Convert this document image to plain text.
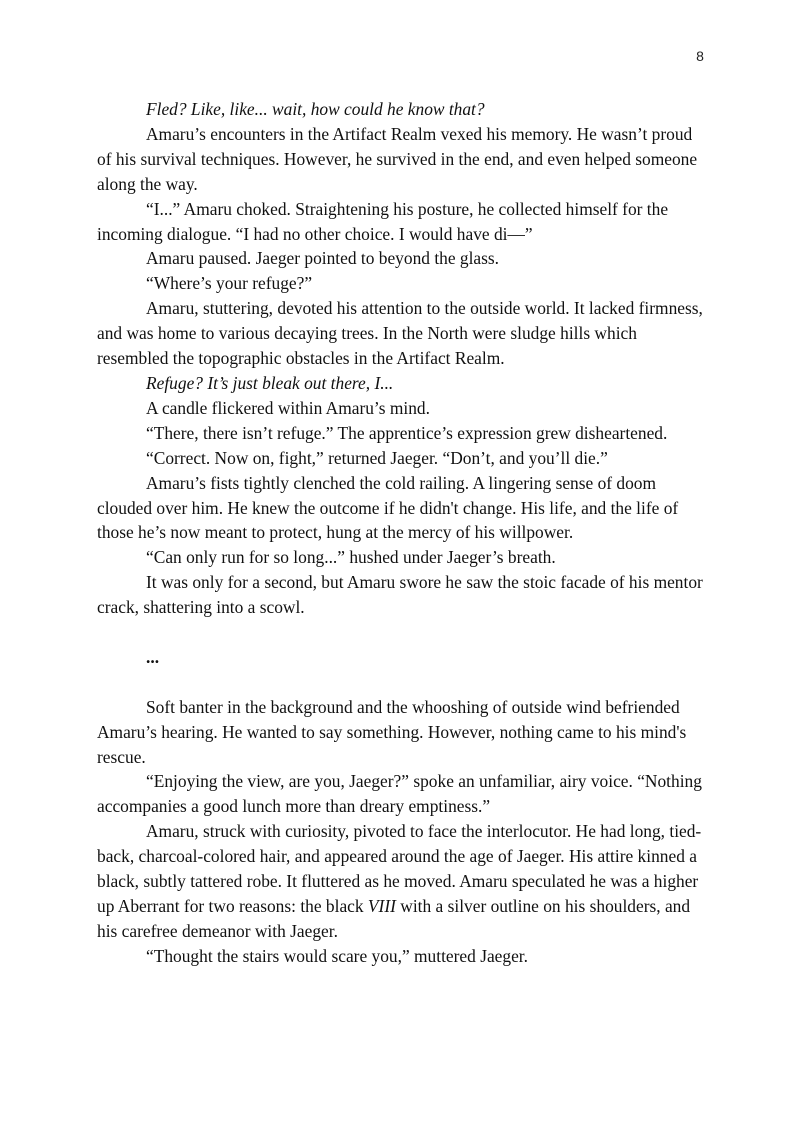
8

Fled? Like, like... wait, how could he know that?

Amaru’s encounters in the Artifact Realm vexed his memory. He wasn’t proud of his survival techniques. However, he survived in the end, and even helped someone along the way.

“I...” Amaru choked. Straightening his posture, he collected himself for the incoming dialogue. “I had no other choice. I would have di—”

Amaru paused. Jaeger pointed to beyond the glass.

“Where’s your refuge?”

Amaru, stuttering, devoted his attention to the outside world. It lacked firmness, and was home to various decaying trees. In the North were sludge hills which resembled the topographic obstacles in the Artifact Realm.

Refuge? It’s just bleak out there, I...

A candle flickered within Amaru’s mind.

“There, there isn’t refuge.” The apprentice’s expression grew disheartened.

“Correct. Now on, fight,” returned Jaeger. “Don’t, and you’ll die.”

Amaru’s fists tightly clenched the cold railing. A lingering sense of doom clouded over him. He knew the outcome if he didn't change. His life, and the life of those he’s now meant to protect, hung at the mercy of his willpower.

“Can only run for so long...” hushed under Jaeger’s breath.

It was only for a second, but Amaru swore he saw the stoic facade of his mentor crack, shattering into a scowl.

...

Soft banter in the background and the whooshing of outside wind befriended Amaru’s hearing. He wanted to say something. However, nothing came to his mind's rescue.

“Enjoying the view, are you, Jaeger?” spoke an unfamiliar, airy voice. “Nothing accompanies a good lunch more than dreary emptiness.”

Amaru, struck with curiosity, pivoted to face the interlocutor. He had long, tied-back, charcoal-colored hair, and appeared around the age of Jaeger. His attire kinned a black, subtly tattered robe. It fluttered as he moved. Amaru speculated he was a higher up Aberrant for two reasons: the black VIII with a silver outline on his shoulders, and his carefree demeanor with Jaeger.

“Thought the stairs would scare you,” muttered Jaeger.
